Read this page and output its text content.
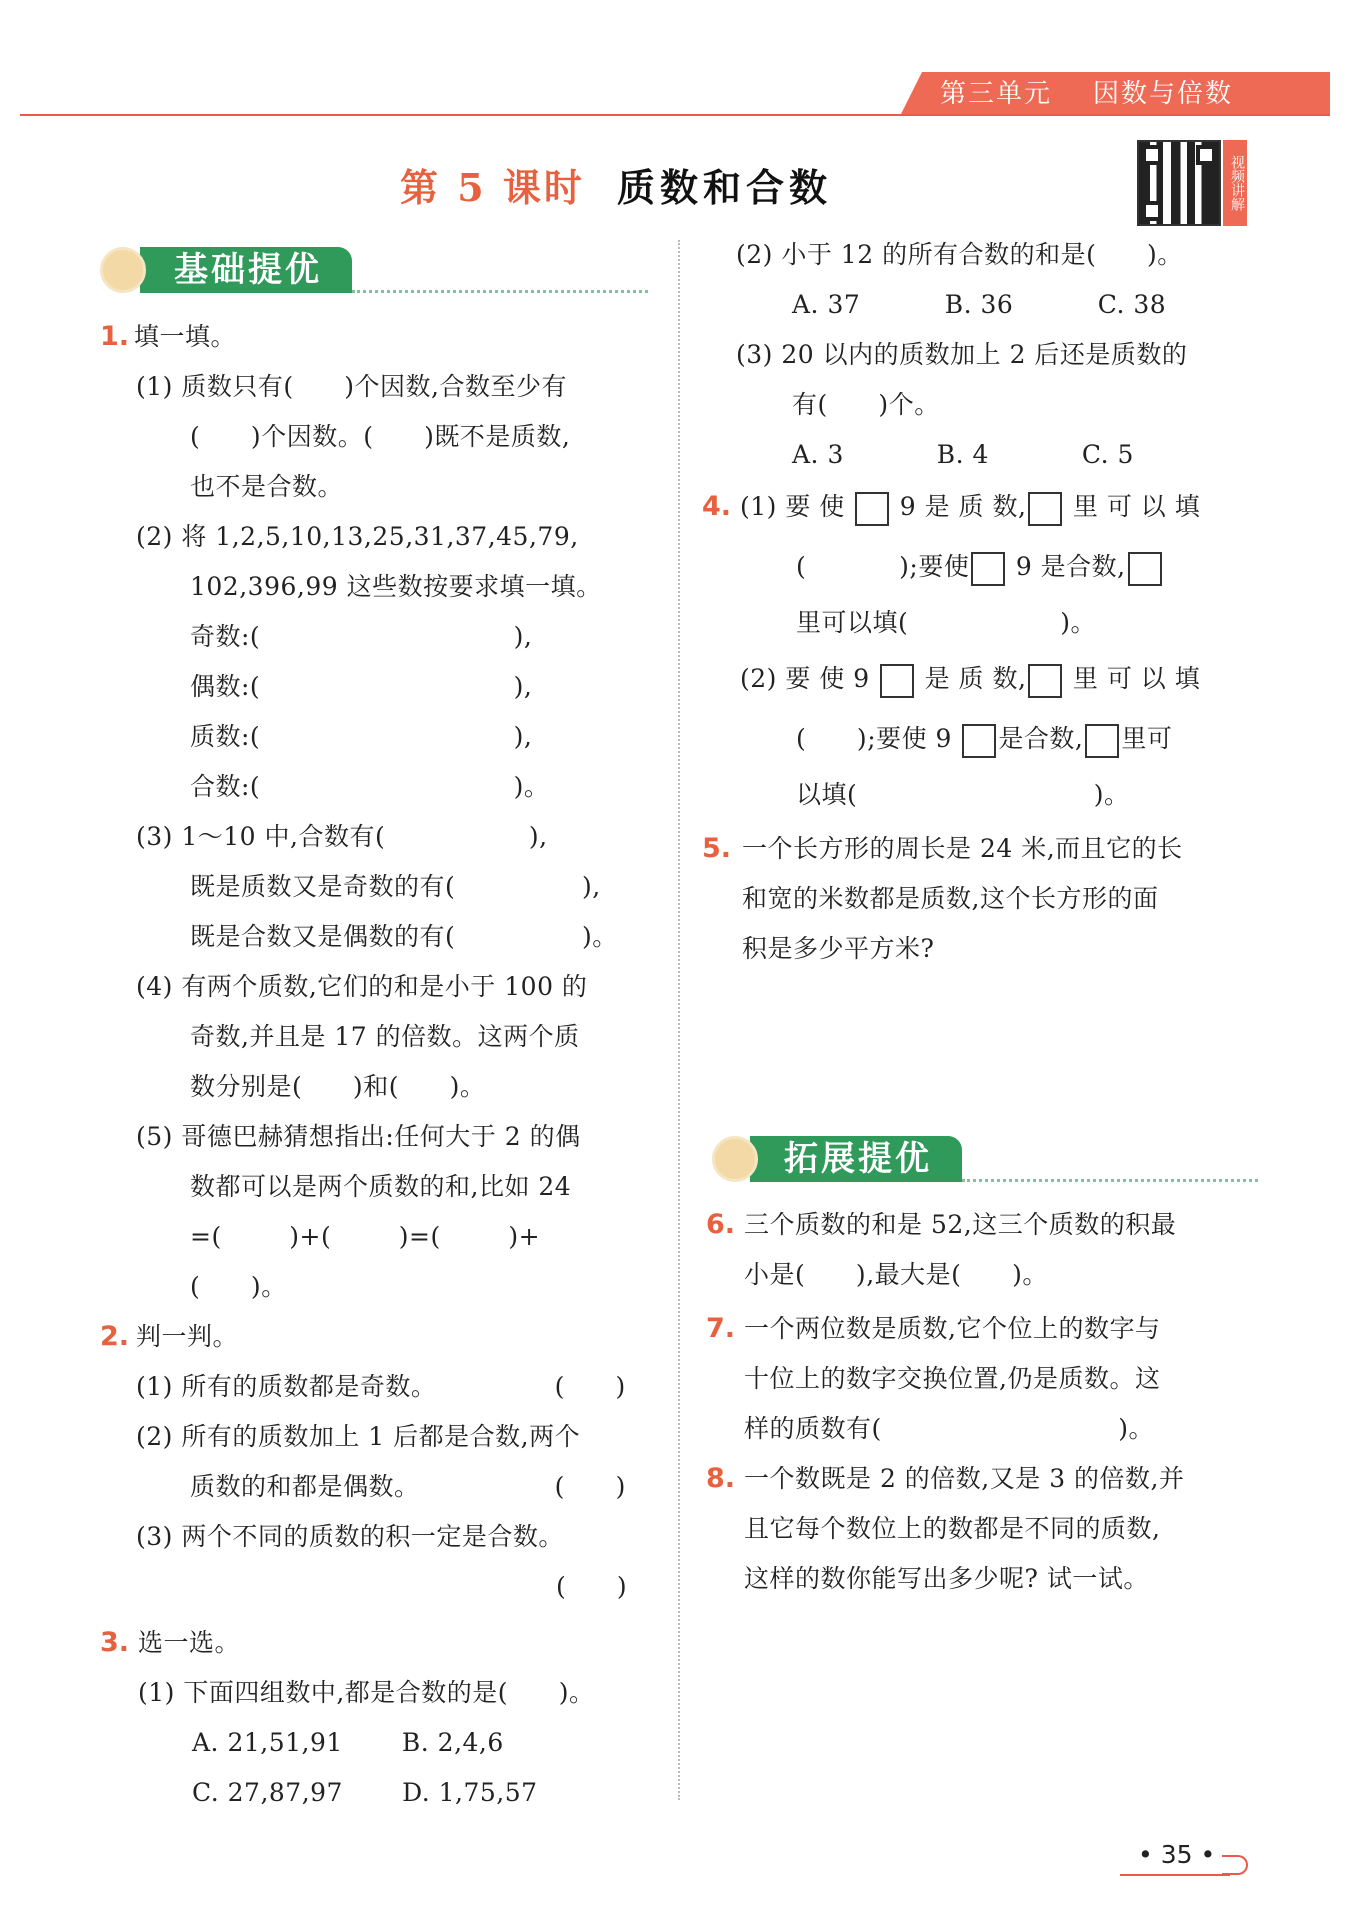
第三单元    因数与倍数
第 5 课时 质数和合数	视频讲解
基础提优
1. 填一填。
(1) 质数只有(      )个因数,合数至少有
(      )个因数。(      )既不是质数,
也不是合数。
(2) 将 1,2,5,10,13,25,31,37,45,79,
102,396,99 这些数按要求填一填。
奇数:(                              ),
偶数:(                              ),
质数:(                              ),
合数:(                              )。
(3) 1～10 中,合数有(                 ),
既是质数又是奇数的有(               ),
既是合数又是偶数的有(               )。
(4) 有两个质数,它们的和是小于 100 的
奇数,并且是 17 的倍数。这两个质
数分别是(      )和(      )。
(5) 哥德巴赫猜想指出:任何大于 2 的偶
数都可以是两个质数的和,比如 24
=(        )+(        )=(        )+
(      )。
2. 判一判。
(1) 所有的质数都是奇数。              (      )
(2) 所有的质数加上 1 后都是合数,两个
质数的和都是偶数。                (      )
(3) 两个不同的质数的积一定是合数。
(      )
3. 选一选。
(1) 下面四组数中,都是合数的是(      )。
A. 21,51,91       B. 2,4,6
C. 27,87,97       D. 1,75,57
(2) 小于 12 的所有合数的和是(      )。
A. 37          B. 36          C. 38
(3) 20 以内的质数加上 2 后还是质数的
有(      )个。
A. 3           B. 4           C. 5
4. (1) 要 使 9 是 质 数, 里 可 以 填
(           );要使 9 是合数,
里可以填(                  )。
(2) 要 使 9 是 质 数, 里 可 以 填
(      );要使 9 是合数, 里可
以填(                            )。
5. 一个长方形的周长是 24 米,而且它的长
和宽的米数都是质数,这个长方形的面
积是多少平方米?
拓展提优
6. 三个质数的和是 52,这三个质数的积最
小是(      ),最大是(      )。
7. 一个两位数是质数,它个位上的数字与
十位上的数字交换位置,仍是质数。这
样的质数有(                            )。
8. 一个数既是 2 的倍数,又是 3 的倍数,并
且它每个数位上的数都是不同的质数,
这样的数你能写出多少呢? 试一试。
• 35 •
